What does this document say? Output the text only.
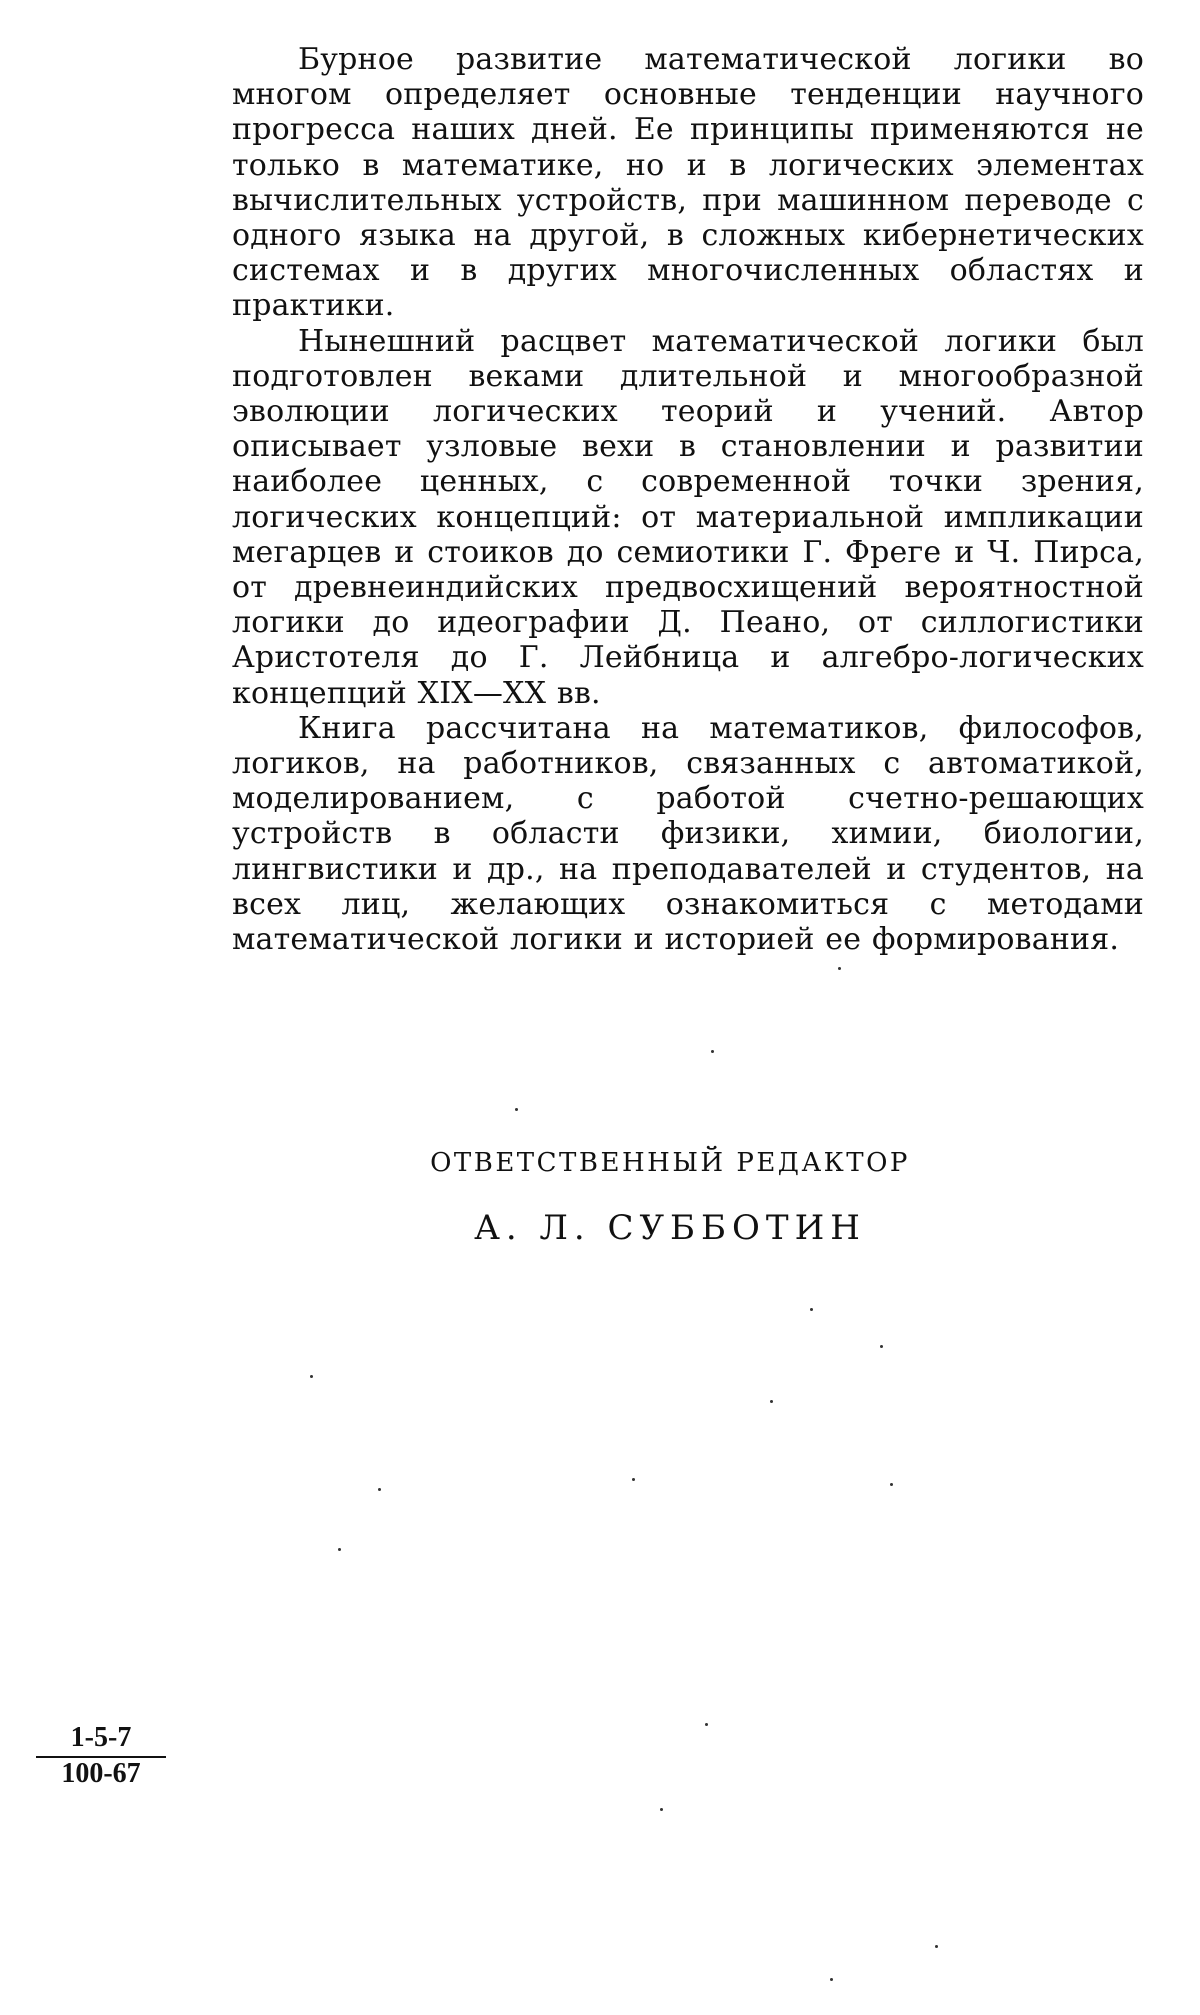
Бурное развитие математической логики во многом определяет основные тенденции научного прогресса наших дней. Ее принципы применяются не только в математике, но и в логических элементах вычислительных устройств, при машинном переводе с одного языка на другой, в сложных кибернетических системах и в других многочисленных областях и практики.

Нынешний расцвет математической логики был подготовлен веками длительной и многообразной эволюции логических теорий и учений. Автор описывает узловые вехи в становлении и развитии наиболее ценных, с современной точки зрения, логических концепций: от материальной импликации мегарцев и стоиков до семиотики Г. Фреге и Ч. Пирса, от древнеиндийских предвосхищений вероятностной логики до идеографии Д. Пеано, от силлогистики Аристотеля до Г. Лейбница и алгебро-логических концепций XIX—XX вв.

Книга рассчитана на математиков, философов, логиков, на работников, связанных с автоматикой, моделированием, с работой счетно-решающих устройств в области физики, химии, биологии, лингвистики и др., на преподавателей и студентов, на всех лиц, желающих ознакомиться с методами математической логики и историей ее формирования.

ОТВЕТСТВЕННЫЙ РЕДАКТОР
А. Л. СУББОТИН
$\frac{1-5-7}{100-67}$
